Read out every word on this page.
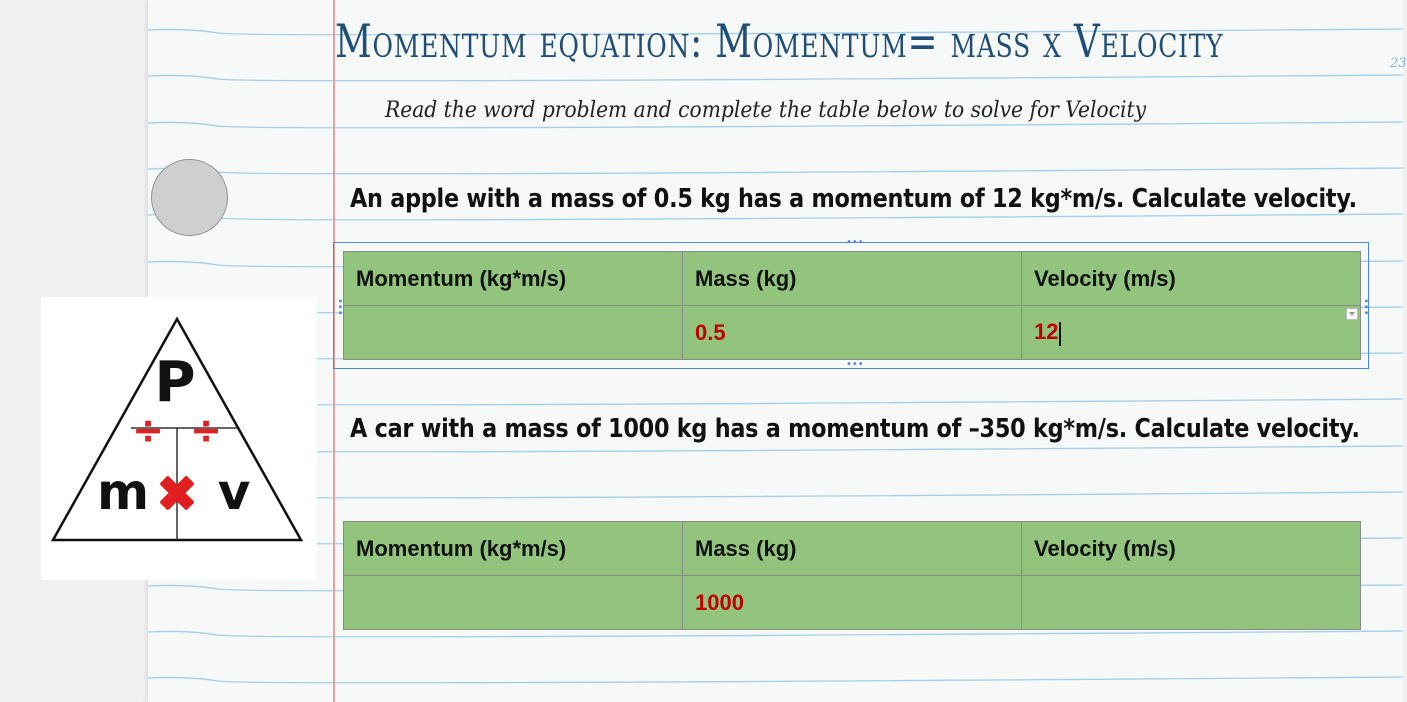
23
P
÷ ÷
m v
Momentum equation: Momentum= mass x Velocity
Read the word problem and complete the table below to solve for Velocity
An apple with a mass of 0.5 kg has a momentum of 12 kg*m/s. Calculate velocity.
Momentum (kg*m/s)	Mass (kg)	Velocity (m/s)
	0.5	12
•••
•••
•••	•••
A car with a mass of 1000 kg has a momentum of –350 kg*m/s. Calculate velocity.
Momentum (kg*m/s)	Mass (kg)	Velocity (m/s)
	1000	
